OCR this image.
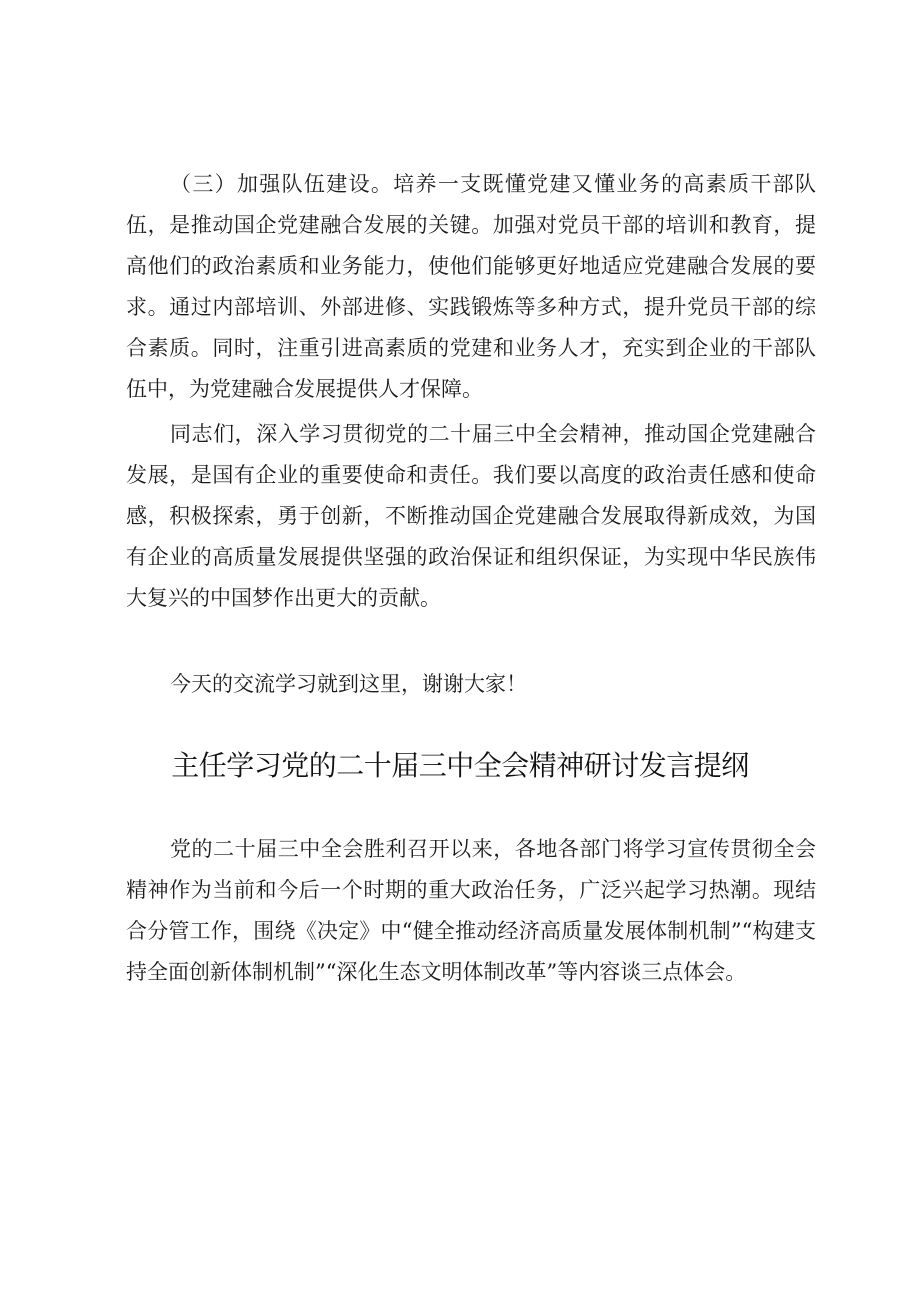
（三）加强队伍建设。培养一支既懂党建又懂业务的高素质干部队伍，是推动国企党建融合发展的关键。加强对党员干部的培训和教育，提高他们的政治素质和业务能力，使他们能够更好地适应党建融合发展的要求。通过内部培训、外部进修、实践锻炼等多种方式，提升党员干部的综合素质。同时，注重引进高素质的党建和业务人才，充实到企业的干部队伍中，为党建融合发展提供人才保障。

同志们，深入学习贯彻党的二十届三中全会精神，推动国企党建融合发展，是国有企业的重要使命和责任。我们要以高度的政治责任感和使命感，积极探索，勇于创新，不断推动国企党建融合发展取得新成效，为国有企业的高质量发展提供坚强的政治保证和组织保证，为实现中华民族伟大复兴的中国梦作出更大的贡献。

今天的交流学习就到这里，谢谢大家！

主任学习党的二十届三中全会精神研讨发言提纲

党的二十届三中全会胜利召开以来，各地各部门将学习宣传贯彻全会精神作为当前和今后一个时期的重大政治任务，广泛兴起学习热潮。现结合分管工作，围绕《决定》中“健全推动经济高质量发展体制机制”“构建支持全面创新体制机制”“深化生态文明体制改革”等内容谈三点体会。
